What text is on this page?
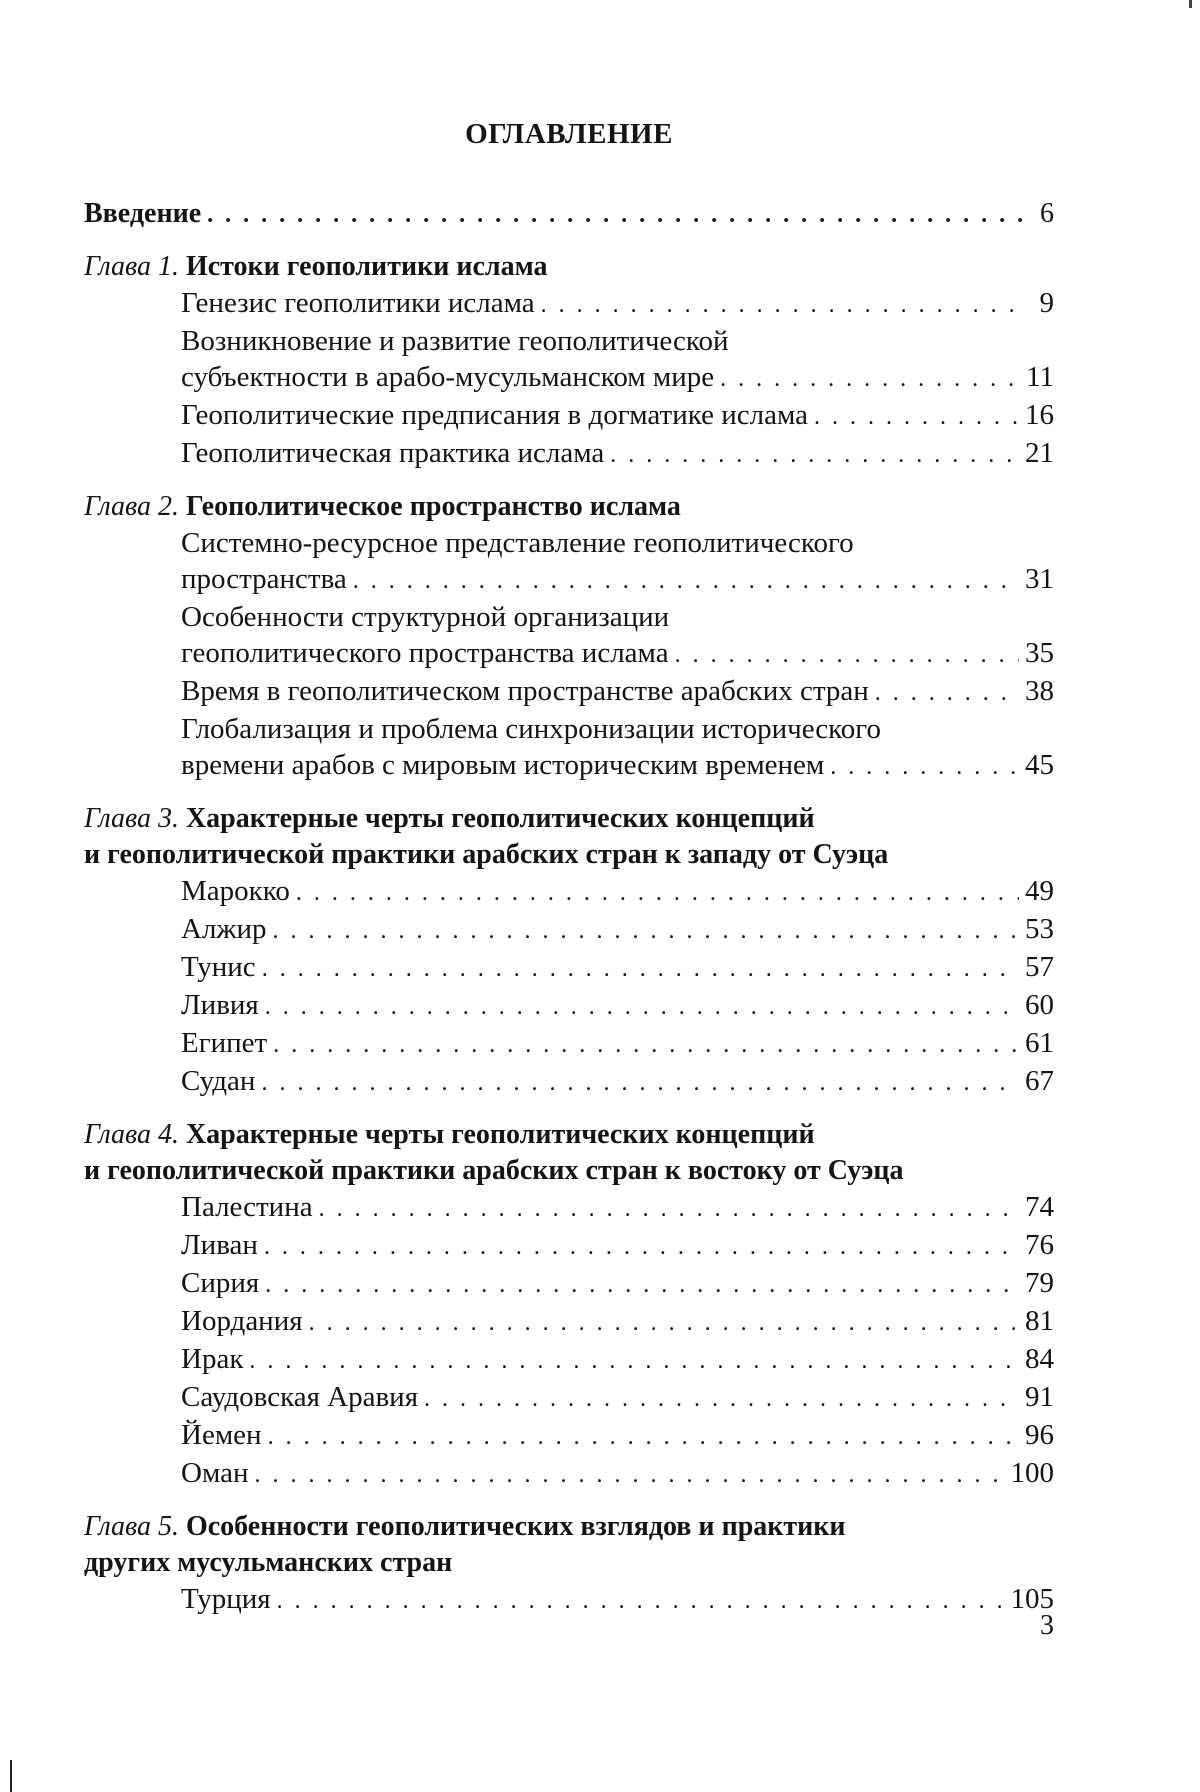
ОГЛАВЛЕНИЕ
Введение . . .	6
Глава 1. Истоки геополитики ислама
Генезис геополитики ислама . . .	9
Возникновение и развитие геополитической
субъектности в арабо-мусульманском мире . . .	11
Геополитические предписания в догматике ислама . . .	16
Геополитическая практика ислама . . .	21
Глава 2. Геополитическое пространство ислама
Системно-ресурсное представление геополитического
пространства . . .	31
Особенности структурной организации
геополитического пространства ислама . . .	35
Время в геополитическом пространстве арабских стран . . .	38
Глобализация и проблема синхронизации исторического
времени арабов с мировым историческим временем . . .	45
Глава 3. Характерные черты геополитических концепций
и геополитической практики арабских стран к западу от Суэца
Марокко . . .	49
Алжир . . .	53
Тунис . . .	57
Ливия . . .	60
Египет . . .	61
Судан . . .	67
Глава 4. Характерные черты геополитических концепций
и геополитической практики арабских стран к востоку от Суэца
Палестина . . .	74
Ливан . . .	76
Сирия . . .	79
Иордания . . .	81
Ирак . . .	84
Саудовская Аравия . . .	91
Йемен . . .	96
Оман . . .	100
Глава 5. Особенности геополитических взглядов и практики
других мусульманских стран
Турция . . .	105
3
